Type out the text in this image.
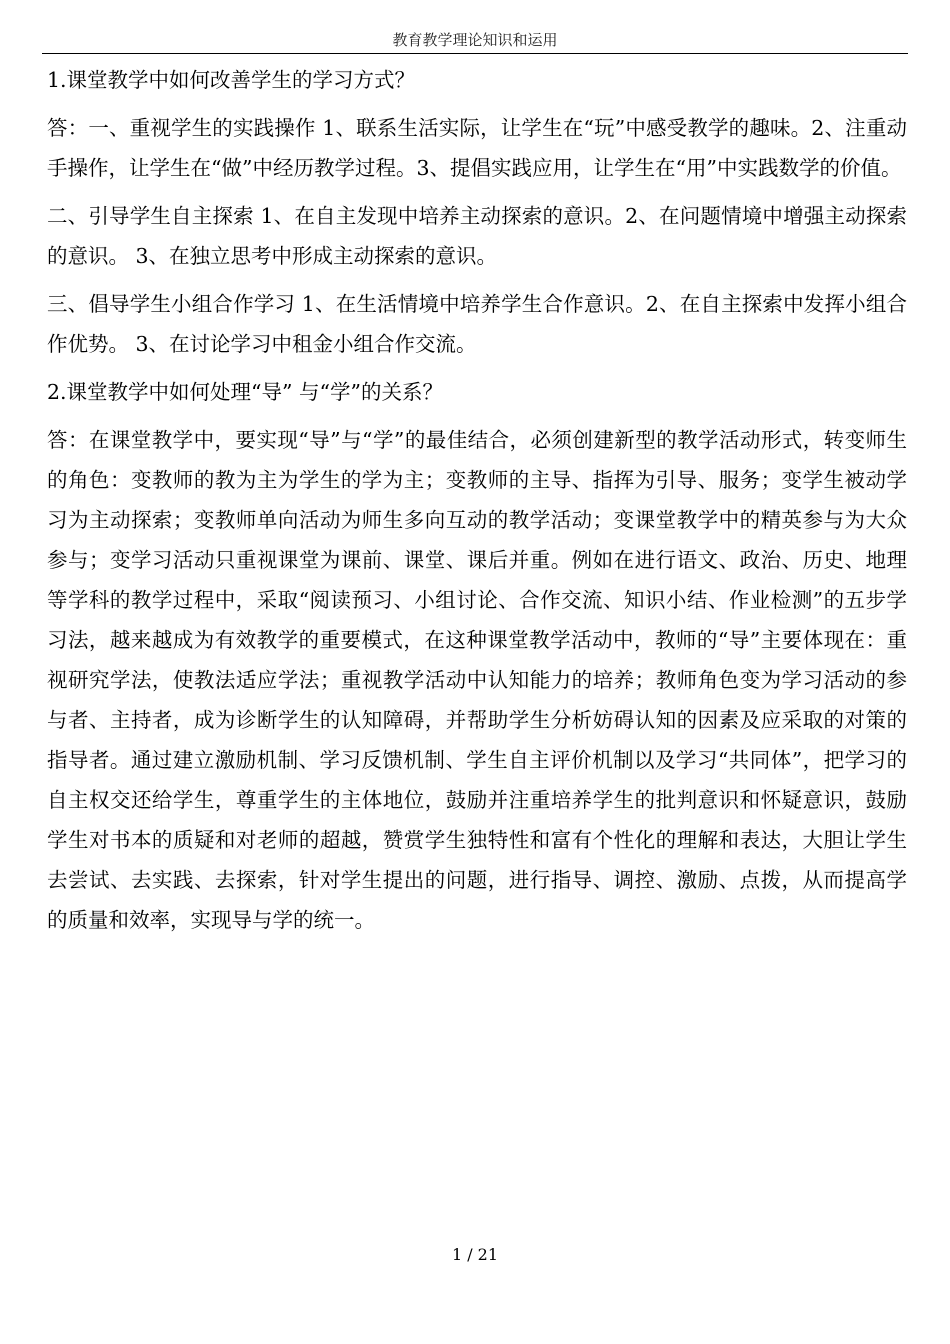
教育教学理论知识和运用

1.课堂教学中如何改善学生的学习方式？

答：一、重视学生的实践操作 1、联系生活实际，让学生在“玩”中感受教学的趣味。2、注重动手操作，让学生在“做”中经历教学过程。3、提倡实践应用，让学生在“用”中实践数学的价值。

二、引导学生自主探索 1、在自主发现中培养主动探索的意识。2、在问题情境中增强主动探索的意识。 3、在独立思考中形成主动探索的意识。

三、倡导学生小组合作学习 1、在生活情境中培养学生合作意识。2、在自主探索中发挥小组合作优势。 3、在讨论学习中租金小组合作交流。

2.课堂教学中如何处理“导” 与“学”的关系？

答：在课堂教学中，要实现“导”与“学”的最佳结合，必须创建新型的教学活动形式，转变师生的角色：变教师的教为主为学生的学为主；变教师的主导、指挥为引导、服务；变学生被动学习为主动探索；变教师单向活动为师生多向互动的教学活动；变课堂教学中的精英参与为大众参与；变学习活动只重视课堂为课前、课堂、课后并重。例如在进行语文、政治、历史、地理等学科的教学过程中，采取“阅读预习、小组讨论、合作交流、知识小结、作业检测”的五步学习法，越来越成为有效教学的重要模式，在这种课堂教学活动中，教师的“导”主要体现在：重视研究学法，使教法适应学法；重视教学活动中认知能力的培养；教师角色变为学习活动的参与者、主持者，成为诊断学生的认知障碍，并帮助学生分析妨碍认知的因素及应采取的对策的指导者。通过建立激励机制、学习反馈机制、学生自主评价机制以及学习“共同体”，把学习的自主权交还给学生，尊重学生的主体地位，鼓励并注重培养学生的批判意识和怀疑意识，鼓励学生对书本的质疑和对老师的超越，赞赏学生独特性和富有个性化的理解和表达，大胆让学生去尝试、去实践、去探索，针对学生提出的问题，进行指导、调控、激励、点拨，从而提高学的质量和效率，实现导与学的统一。

1 / 21
